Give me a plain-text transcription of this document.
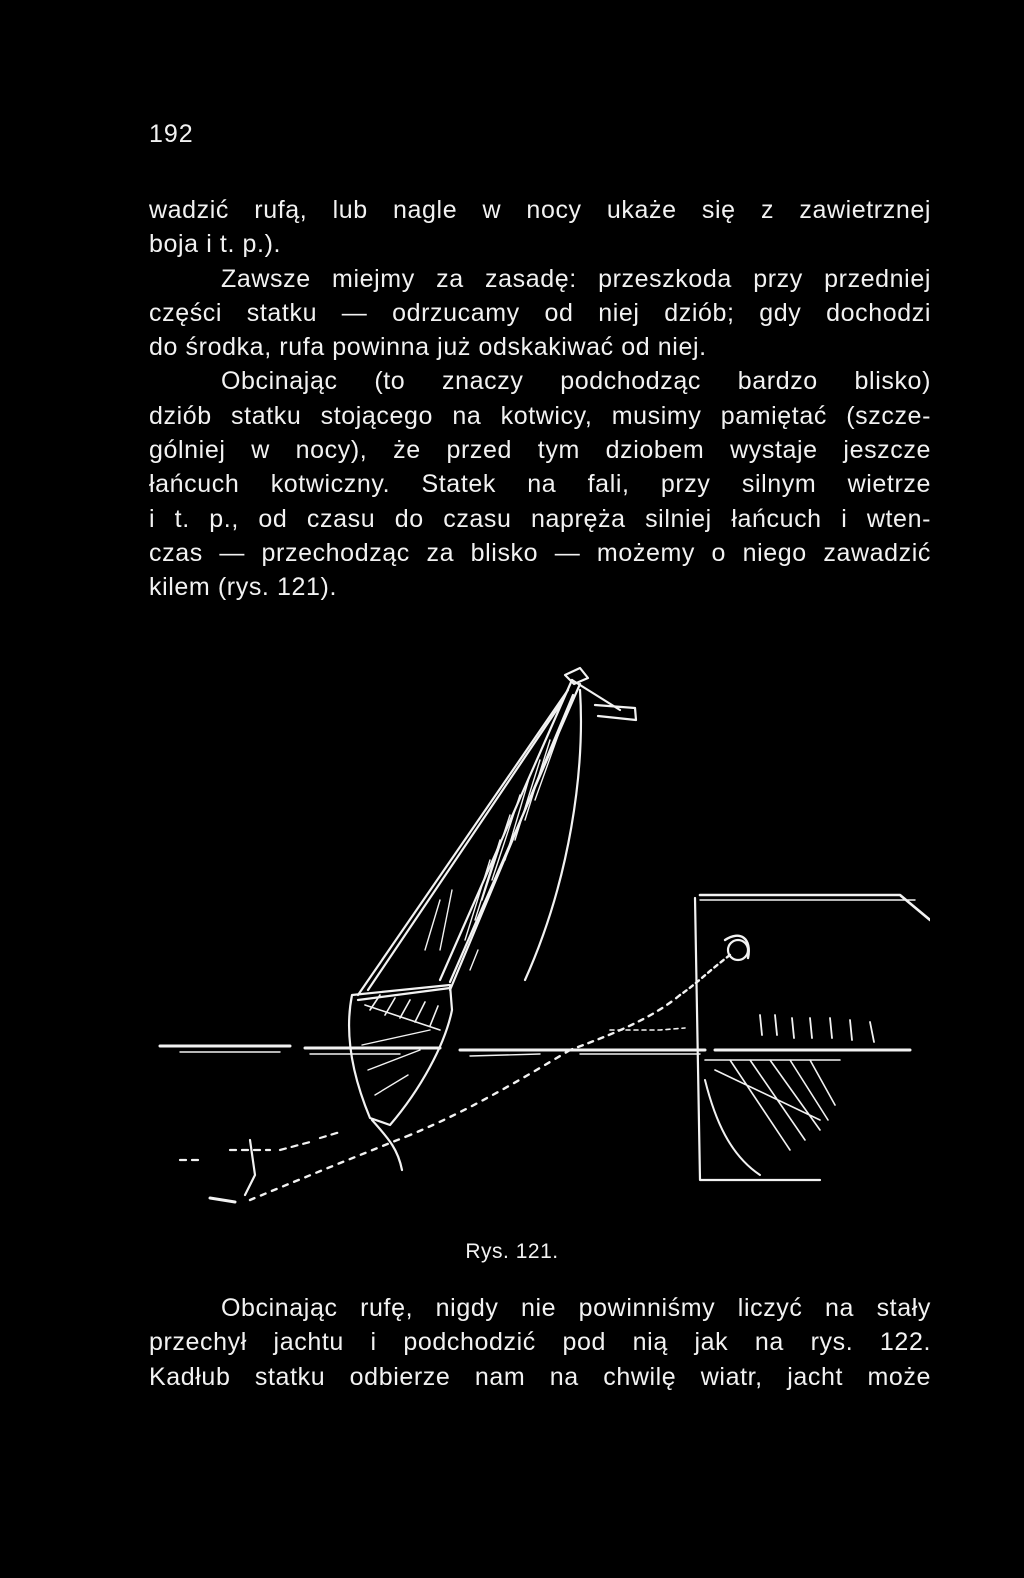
192
wadzić rufą, lub nagle w nocy ukaże się z zawietrznej
boja i t. p.).
Zawsze miejmy za zasadę: przeszkoda przy przedniej
części statku — odrzucamy od niej dziób; gdy dochodzi
do środka, rufa powinna już odskakiwać od niej.
Obcinając (to znaczy podchodząc bardzo blisko)
dziób statku stojącego na kotwicy, musimy pamiętać (szcze-
gólniej w nocy), że przed tym dziobem wystaje jeszcze
łańcuch kotwiczny. Statek na fali, przy silnym wietrze
i t. p., od czasu do czasu napręża silniej łańcuch i wten-
czas — przechodząc za blisko — możemy o niego zawadzić
kilem (rys. 121).
Rys. 121.
Obcinając rufę, nigdy nie powinniśmy liczyć na stały
przechył jachtu i podchodzić pod nią jak na rys. 122.
Kadłub statku odbierze nam na chwilę wiatr, jacht może
